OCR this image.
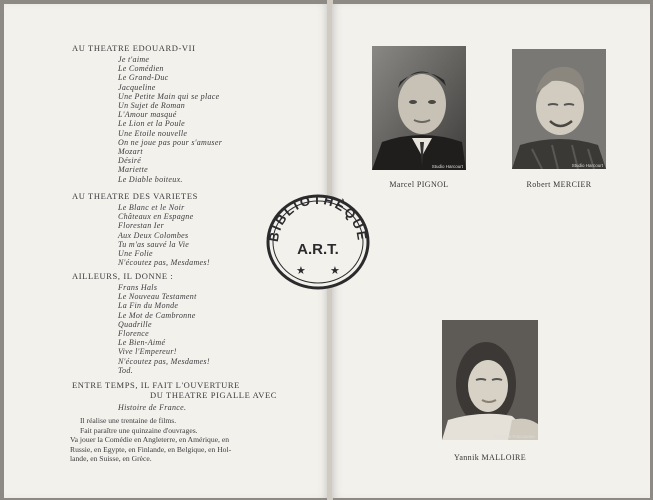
AU THEATRE EDOUARD-VII
Je t'aime
Le Comédien
Le Grand-Duc
Jacqueline
Une Petite Main qui se place
Un Sujet de Roman
L'Amour masqué
Le Lion et la Poule
Une Etoile nouvelle
On ne joue pas pour s'amuser
Mozart
Désiré
Mariette
Le Diable boiteux.
AU THEATRE DES VARIETES
Le Blanc et le Noir
Châteaux en Espagne
Florestan Ier
Aux Deux Colombes
Tu m'as sauvé la Vie
Une Folie
N'écoutez pas, Mesdames!
AILLEURS, IL DONNE :
Frans Hals
Le Nouveau Testament
La Fin du Monde
Le Mot de Cambronne
Quadrille
Florence
Le Bien-Aimé
Vive l'Empereur!
N'écoutez pas, Mesdames!
Tod.
ENTRE TEMPS, IL FAIT L'OUVERTURE
DU THEATRE PIGALLE AVEC
Histoire de France.
Il réalise une trentaine de films.
Fait paraître une quinzaine d'ouvrages.
Va jouer la Comédie en Angleterre, en Amérique, en
Russie, en Egypte, en Finlande, en Belgique, en Hol-
lande, en Suisse, en Grèce.
Studio Harcourt
Marcel PIGNOL
Studio Harcourt
Robert MERCIER
Photo Le Fancounier
Yannik MALLOIRE
BIBLIOTHÈQUE
A.R.T.
★ ★
